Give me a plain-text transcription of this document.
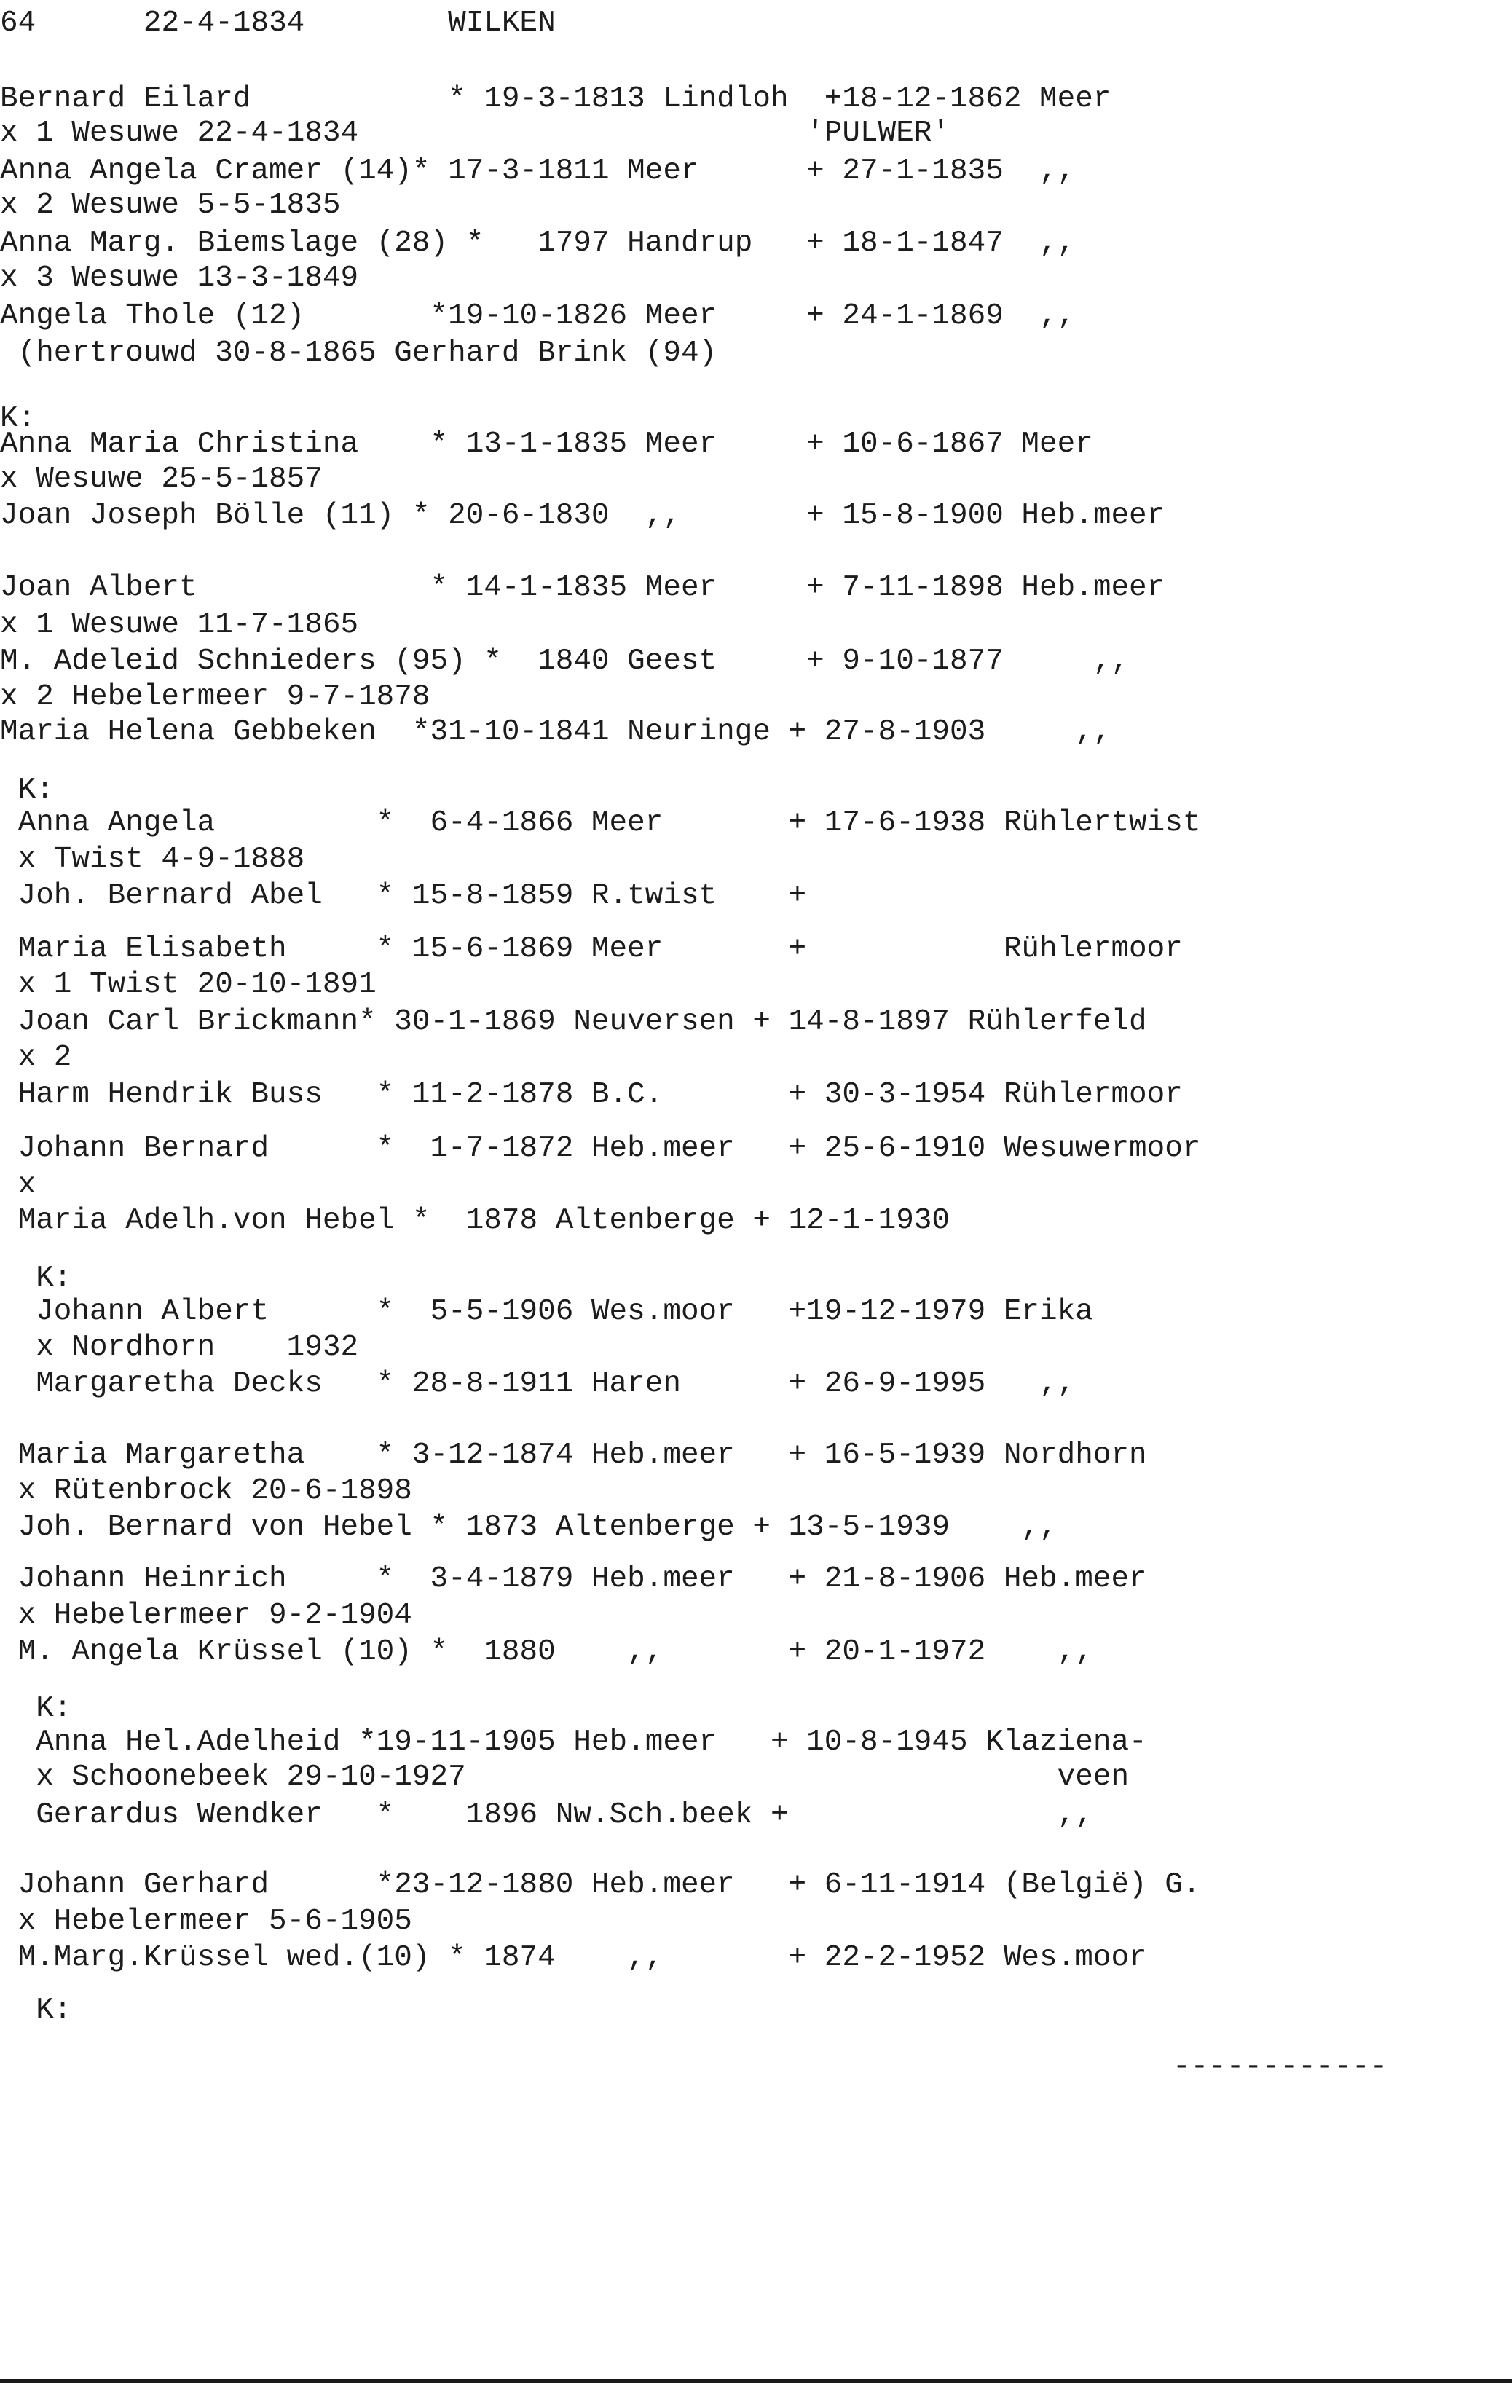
64	22-4-1834	WILKEN
Bernard Eilard           * 19-3-1813 Lindloh  +18-12-1862 Meer
x 1 Wesuwe 22-4-1834                         'PULWER'
Anna Angela Cramer (14)* 17-3-1811 Meer      + 27-1-1835  ,,
x 2 Wesuwe 5-5-1835
Anna Marg. Biemslage (28) *   1797 Handrup   + 18-1-1847  ,,
x 3 Wesuwe 13-3-1849
Angela Thole (12)       *19-10-1826 Meer     + 24-1-1869  ,,
(hertrouwd 30-8-1865 Gerhard Brink (94)
K:
Anna Maria Christina    * 13-1-1835 Meer     + 10-6-1867 Meer
x Wesuwe 25-5-1857
Joan Joseph Bölle (11) * 20-6-1830  ,,       + 15-8-1900 Heb.meer
Joan Albert             * 14-1-1835 Meer     + 7-11-1898 Heb.meer
x 1 Wesuwe 11-7-1865
M. Adeleid Schnieders (95) *  1840 Geest     + 9-10-1877     ,,
x 2 Hebelermeer 9-7-1878
Maria Helena Gebbeken  *31-10-1841 Neuringe + 27-8-1903     ,,
K:
Anna Angela         *  6-4-1866 Meer       + 17-6-1938 Rühlertwist
x Twist 4-9-1888
Joh. Bernard Abel   * 15-8-1859 R.twist    +
Maria Elisabeth     * 15-6-1869 Meer       +           Rühlermoor
x 1 Twist 20-10-1891
Joan Carl Brickmann* 30-1-1869 Neuversen + 14-8-1897 Rühlerfeld
x 2
Harm Hendrik Buss   * 11-2-1878 B.C.       + 30-3-1954 Rühlermoor
Johann Bernard      *  1-7-1872 Heb.meer   + 25-6-1910 Wesuwermoor
x
Maria Adelh.von Hebel *  1878 Altenberge + 12-1-1930
K:
Johann Albert      *  5-5-1906 Wes.moor   +19-12-1979 Erika
x Nordhorn    1932
Margaretha Decks   * 28-8-1911 Haren      + 26-9-1995   ,,
Maria Margaretha    * 3-12-1874 Heb.meer   + 16-5-1939 Nordhorn
x Rütenbrock 20-6-1898
Joh. Bernard von Hebel * 1873 Altenberge + 13-5-1939    ,,
Johann Heinrich     *  3-4-1879 Heb.meer   + 21-8-1906 Heb.meer
x Hebelermeer 9-2-1904
M. Angela Krüssel (10) *  1880    ,,       + 20-1-1972    ,,
K:
Anna Hel.Adelheid *19-11-1905 Heb.meer   + 10-8-1945 Klaziena-
x Schoonebeek 29-10-1927                                 veen
Gerardus Wendker   *    1896 Nw.Sch.beek +               ,,
Johann Gerhard      *23-12-1880 Heb.meer   + 6-11-1914 (België) G.
x Hebelermeer 5-6-1905
M.Marg.Krüssel wed.(10) * 1874    ,,       + 22-2-1952 Wes.moor
K:
------------
